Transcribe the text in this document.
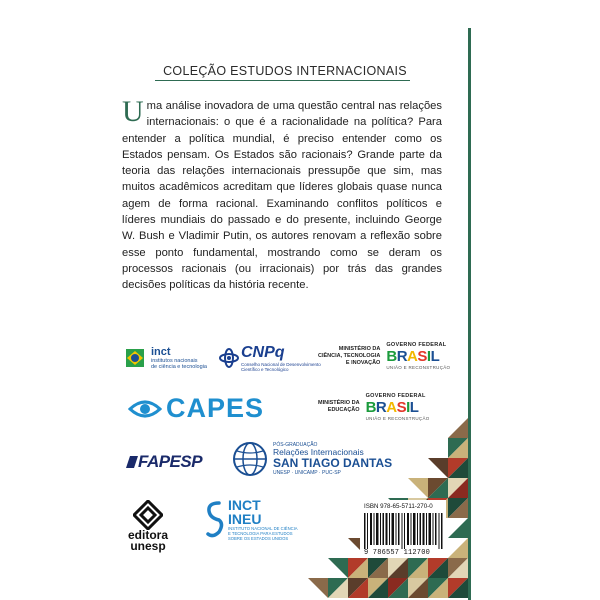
COLEÇÃO ESTUDOS INTERNACIONAIS

Uma análise inovadora de uma questão central nas relações internacionais: o que é a racionalidade na política? Para entender a política mundial, é preciso entender como os Estados pensam. Os Estados são racionais? Grande parte da teoria das relações internacionais pressupõe que sim, mas muitos acadêmicos acreditam que líderes globais quase nunca agem de forma racional. Examinando conflitos políticos e líderes mundiais do passado e do presente, incluindo George W. Bush e Vladimir Putin, os autores renovam a reflexão sobre esse ponto fundamental, mostrando como se deram os processos racionais (ou irracionais) por trás das grandes decisões políticas da história recente.

inct
institutos nacionais
de ciência e tecnologia
CNPq
Conselho Nacional de Desenvolvimento
Científico e Tecnológico
MINISTÉRIO DA
CIÊNCIA, TECNOLOGIA
E INOVAÇÃO
GOVERNO FEDERAL
B R A S I L
UNIÃO E RECONSTRUÇÃO
MINISTÉRIO DA
EDUCAÇÃO
GOVERNO FEDERAL
B R A S I L
UNIÃO E RECONSTRUÇÃO
CAPES
FAPESP
PÓS-GRADUAÇÃO
Relações Internacionais
SAN TIAGO DANTAS
UNESP · UNICAMP · PUC-SP
editora
unesp
INCT
INEU
INSTITUTO NACIONAL DE CIÊNCIA
E TECNOLOGIA PARA ESTUDOS
SOBRE OS ESTADOS UNIDOS
ISBN 978-65-5711-270-0
9 786557 112700
